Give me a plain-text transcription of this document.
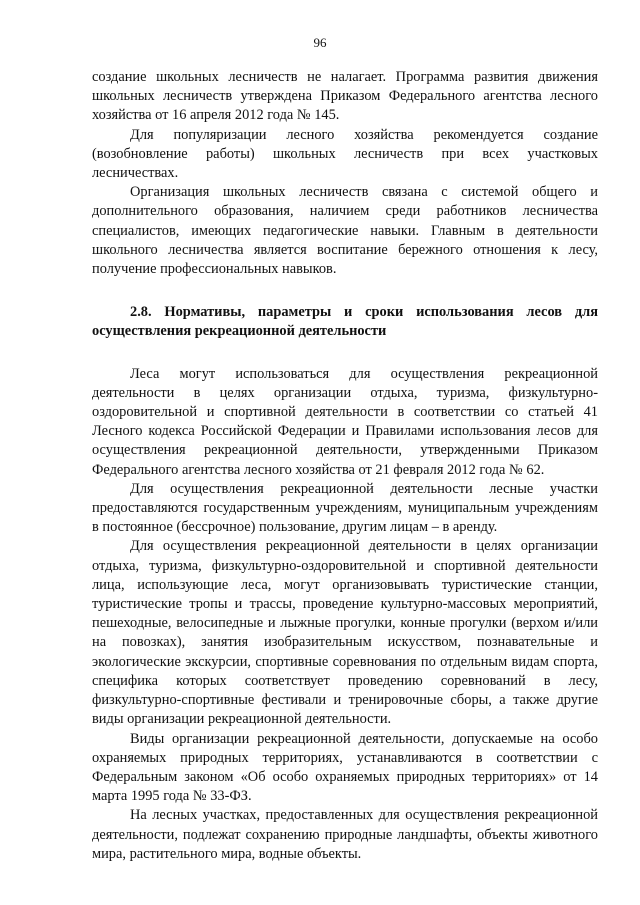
96

создание школьных лесничеств не налагает. Программа развития движения школьных лесничеств утверждена Приказом Федерального агентства лесного хозяйства от 16 апреля 2012 года № 145.

Для популяризации лесного хозяйства рекомендуется создание (возобновление работы) школьных лесничеств при всех участковых лесничествах.

Организация школьных лесничеств связана с системой общего и дополнительного образования, наличием среди работников лесничества специалистов, имеющих педагогические навыки. Главным в деятельности школьного лесничества является воспитание бережного отношения к лесу, получение профессиональных навыков.

2.8. Нормативы, параметры и сроки использования лесов для осуществления рекреационной деятельности

Леса могут использоваться для осуществления рекреационной деятельности в целях организации отдыха, туризма, физкультурно-оздоровительной и спортивной деятельности в соответствии со статьей 41 Лесного кодекса Российской Федерации и Правилами использования лесов для осуществления рекреационной деятельности, утвержденными Приказом Федерального агентства лесного хозяйства от 21 февраля 2012 года № 62.

Для осуществления рекреационной деятельности лесные участки предоставляются государственным учреждениям, муниципальным учреждениям в постоянное (бессрочное) пользование, другим лицам – в аренду.

Для осуществления рекреационной деятельности в целях организации отдыха, туризма, физкультурно-оздоровительной и спортивной деятельности лица, использующие леса, могут организовывать туристические станции, туристические тропы и трассы, проведение культурно-массовых мероприятий, пешеходные, велосипедные и лыжные прогулки, конные прогулки (верхом и/или на повозках), занятия изобразительным искусством, познавательные и экологические экскурсии, спортивные соревнования по отдельным видам спорта, специфика которых соответствует проведению соревнований в лесу, физкультурно-спортивные фестивали и тренировочные сборы, а также другие виды организации рекреационной деятельности.

Виды организации рекреационной деятельности, допускаемые на особо охраняемых природных территориях, устанавливаются в соответствии с Федеральным законом «Об особо охраняемых природных территориях» от 14 марта 1995 года № 33-ФЗ.

На лесных участках, предоставленных для осуществления рекреационной деятельности, подлежат сохранению природные ландшафты, объекты животного мира, растительного мира, водные объекты.
